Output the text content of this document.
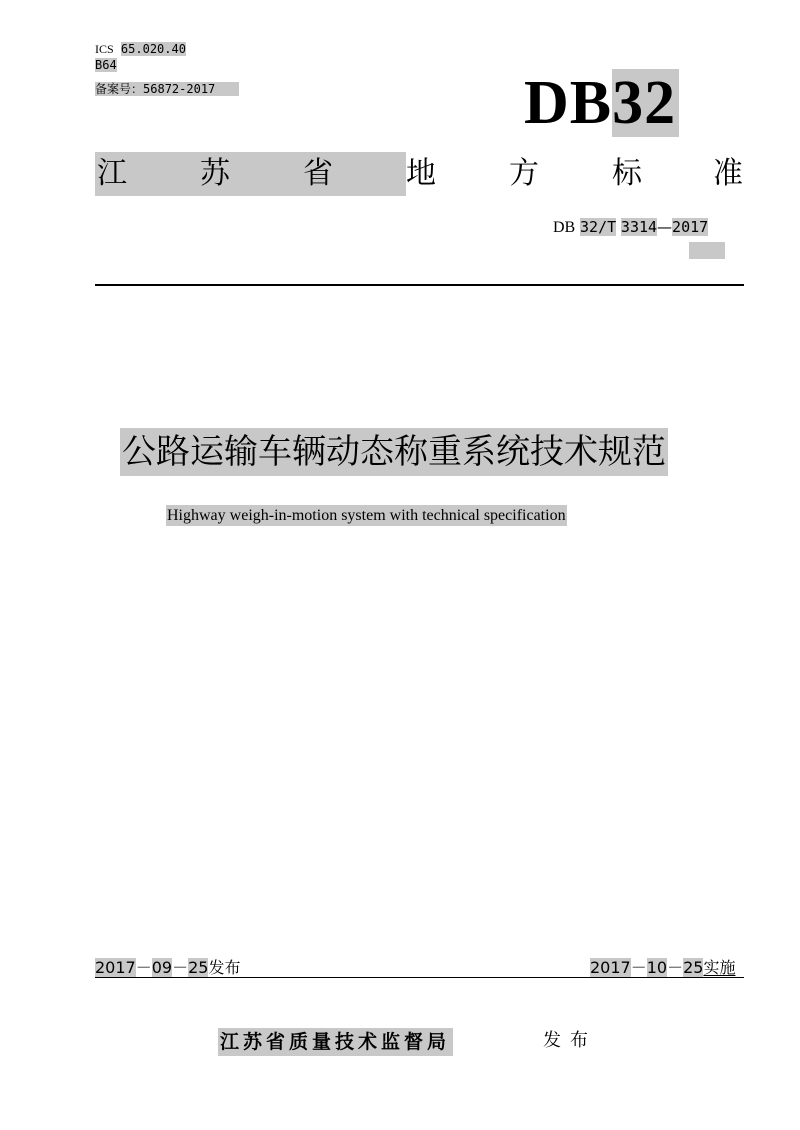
ICS 65.020.40
B64
备案号：56872-2017	DB32
江 苏 省 地 方 标 准
DB 32/T 3314—2017
公路运输车辆动态称重系统技术规范
Highway weigh-in-motion system with technical specification
2017－09－25发布	2017－10－25实施
江苏省质量技术监督局	发布
